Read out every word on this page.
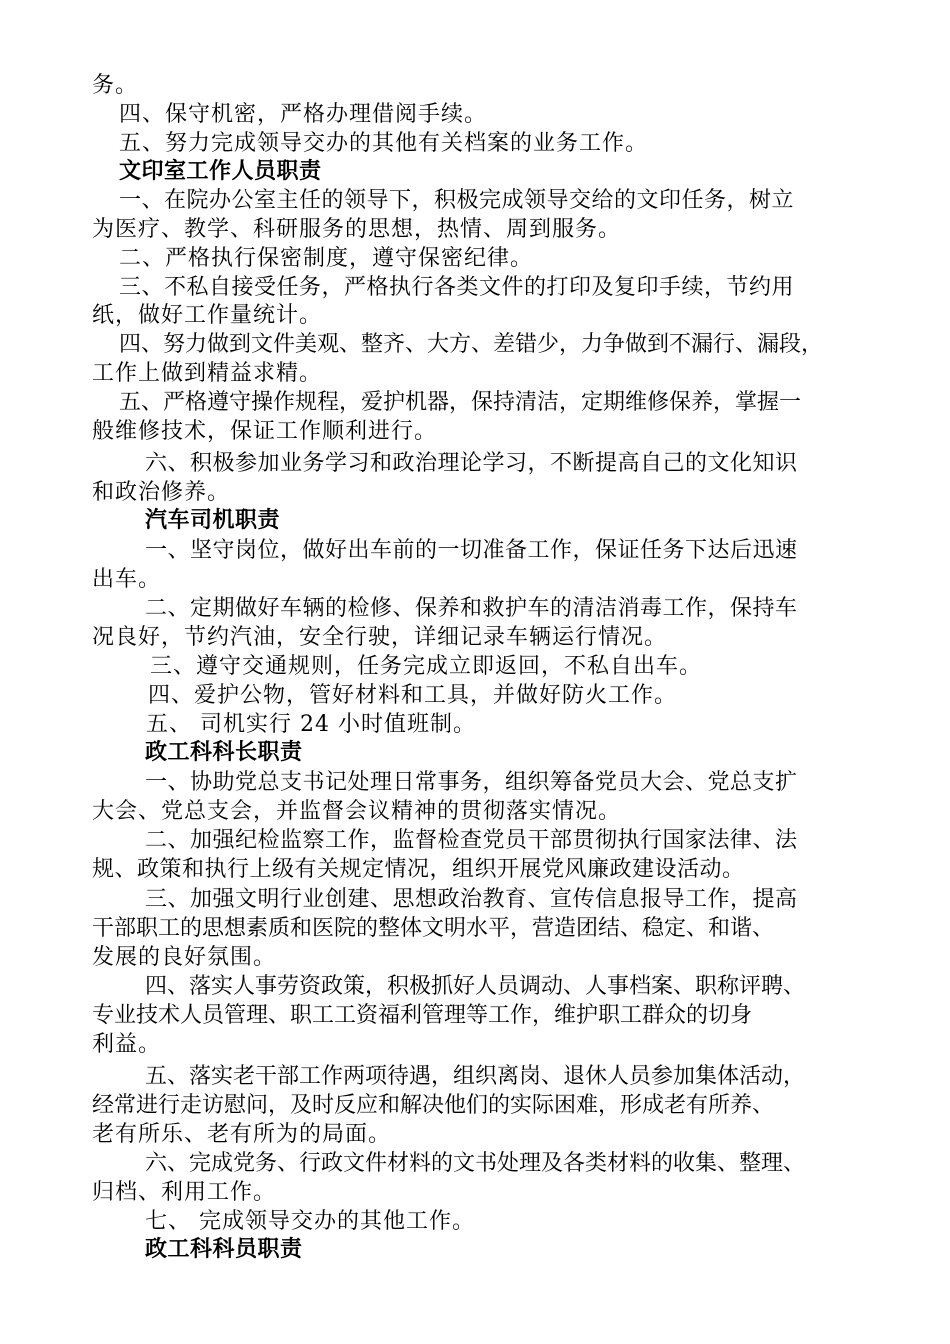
务。
四、保守机密，严格办理借阅手续。
五、努力完成领导交办的其他有关档案的业务工作。
文印室工作人员职责
一、在院办公室主任的领导下，积极完成领导交给的文印任务，树立
为医疗、教学、科研服务的思想，热情、周到服务。
二、严格执行保密制度，遵守保密纪律。
三、不私自接受任务，严格执行各类文件的打印及复印手续，节约用
纸，做好工作量统计。
四、努力做到文件美观、整齐、大方、差错少，力争做到不漏行、漏段，
工作上做到精益求精。
五、严格遵守操作规程，爱护机器，保持清洁，定期维修保养，掌握一
般维修技术，保证工作顺利进行。
六、积极参加业务学习和政治理论学习，不断提高自己的文化知识
和政治修养。
汽车司机职责
一、坚守岗位，做好出车前的一切准备工作，保证任务下达后迅速
出车。
二、定期做好车辆的检修、保养和救护车的清洁消毒工作，保持车
况良好，节约汽油，安全行驶，详细记录车辆运行情况。
三、遵守交通规则，任务完成立即返回，不私自出车。
四、爱护公物，管好材料和工具，并做好防火工作。
五、 司机实行 24 小时值班制。
政工科科长职责
一、协助党总支书记处理日常事务，组织筹备党员大会、党总支扩
大会、党总支会，并监督会议精神的贯彻落实情况。
二、加强纪检监察工作，监督检查党员干部贯彻执行国家法律、法
规、政策和执行上级有关规定情况，组织开展党风廉政建设活动。
三、加强文明行业创建、思想政治教育、宣传信息报导工作，提高
干部职工的思想素质和医院的整体文明水平，营造团结、稳定、和谐、
发展的良好氛围。
四、落实人事劳资政策，积极抓好人员调动、人事档案、职称评聘、
专业技术人员管理、职工工资福利管理等工作，维护职工群众的切身
利益。
五、落实老干部工作两项待遇，组织离岗、退休人员参加集体活动，
经常进行走访慰问，及时反应和解决他们的实际困难，形成老有所养、
老有所乐、老有所为的局面。
六、完成党务、行政文件材料的文书处理及各类材料的收集、整理、
归档、利用工作。
七、 完成领导交办的其他工作。
政工科科员职责
